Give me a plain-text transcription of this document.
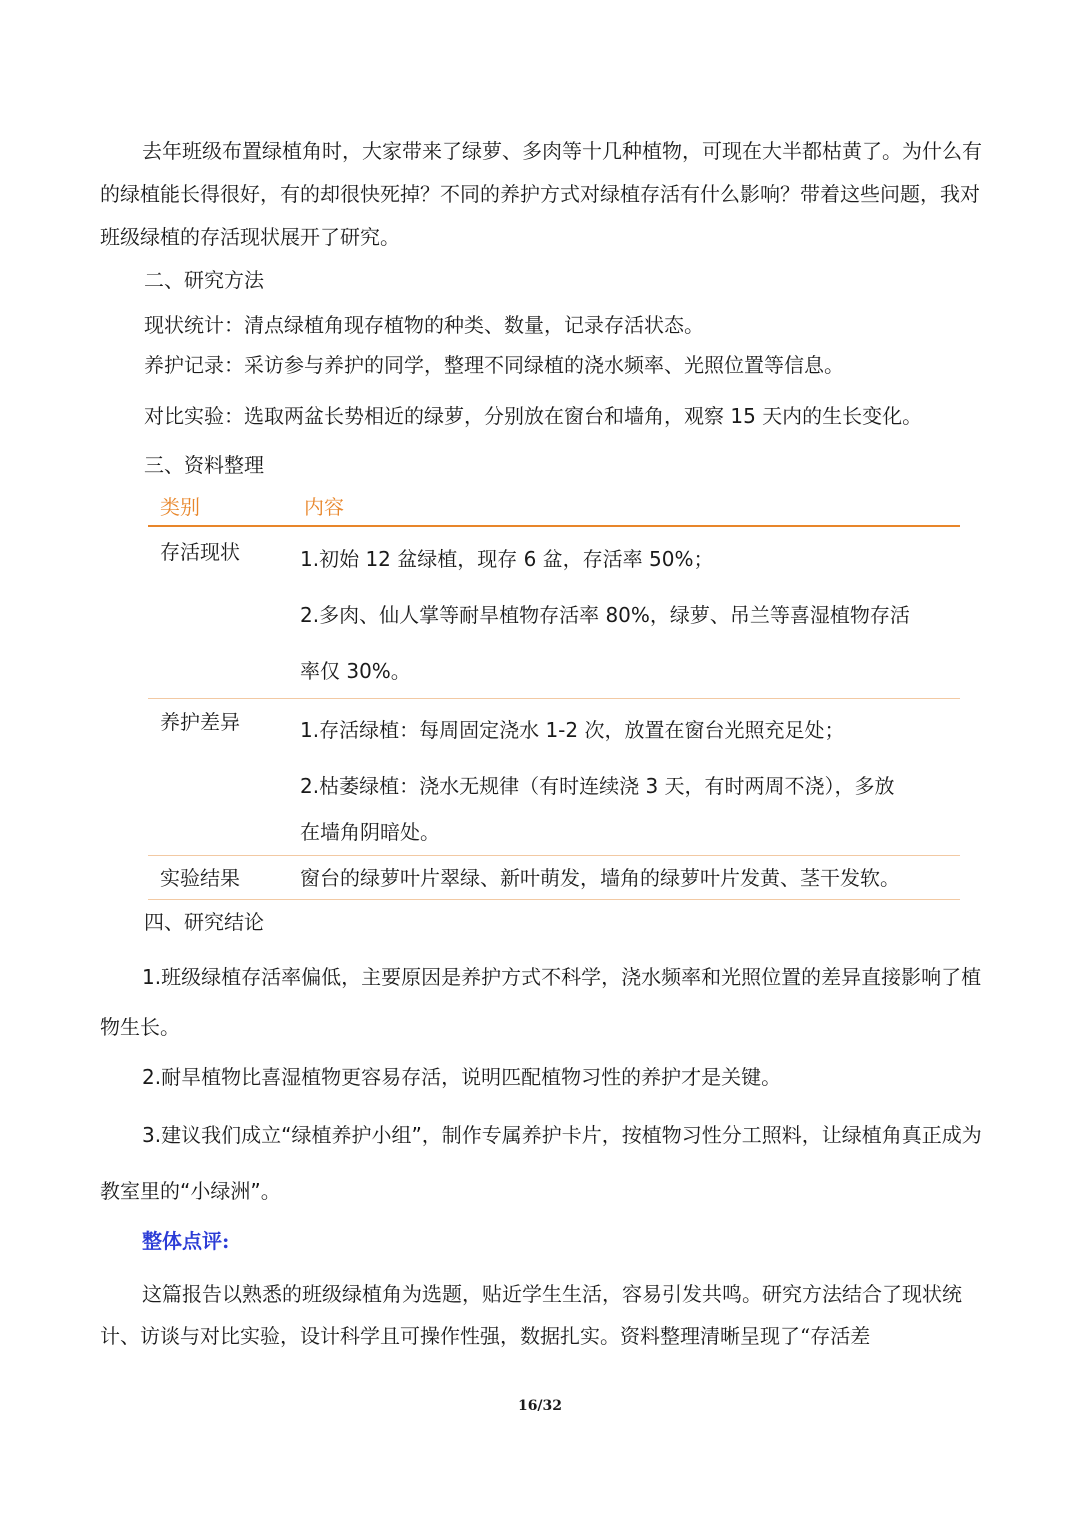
去年班级布置绿植角时，大家带来了绿萝、多肉等十几种植物，可现在大半都枯黄了。为什么有的绿植能长得很好，有的却很快死掉？不同的养护方式对绿植存活有什么影响？带着这些问题，我对班级绿植的存活现状展开了研究。

二、研究方法
现状统计：清点绿植角现存植物的种类、数量，记录存活状态。
养护记录：采访参与养护的同学，整理不同绿植的浇水频率、光照位置等信息。
对比实验：选取两盆长势相近的绿萝，分别放在窗台和墙角，观察 15 天内的生长变化。
三、资料整理
类别	内容
存活现状	1.初始 12 盆绿植，现存 6 盆，存活率 50%；
2.多肉、仙人掌等耐旱植物存活率 80%，绿萝、吊兰等喜湿植物存活
率仅 30%。
养护差异	1.存活绿植：每周固定浇水 1-2 次，放置在窗台光照充足处；
2.枯萎绿植：浇水无规律（有时连续浇 3 天，有时两周不浇），多放
在墙角阴暗处。
实验结果	窗台的绿萝叶片翠绿、新叶萌发，墙角的绿萝叶片发黄、茎干发软。
四、研究结论

1.班级绿植存活率偏低，主要原因是养护方式不科学，浇水频率和光照位置的差异直接影响了植物生长。

2.耐旱植物比喜湿植物更容易存活，说明匹配植物习性的养护才是关键。

3.建议我们成立“绿植养护小组”，制作专属养护卡片，按植物习性分工照料，让绿植角真正成为教室里的“小绿洲”。

整体点评:

这篇报告以熟悉的班级绿植角为选题，贴近学生生活，容易引发共鸣。研究方法结合了现状统计、访谈与对比实验，设计科学且可操作性强，数据扎实。资料整理清晰呈现了“存活差

16/32
